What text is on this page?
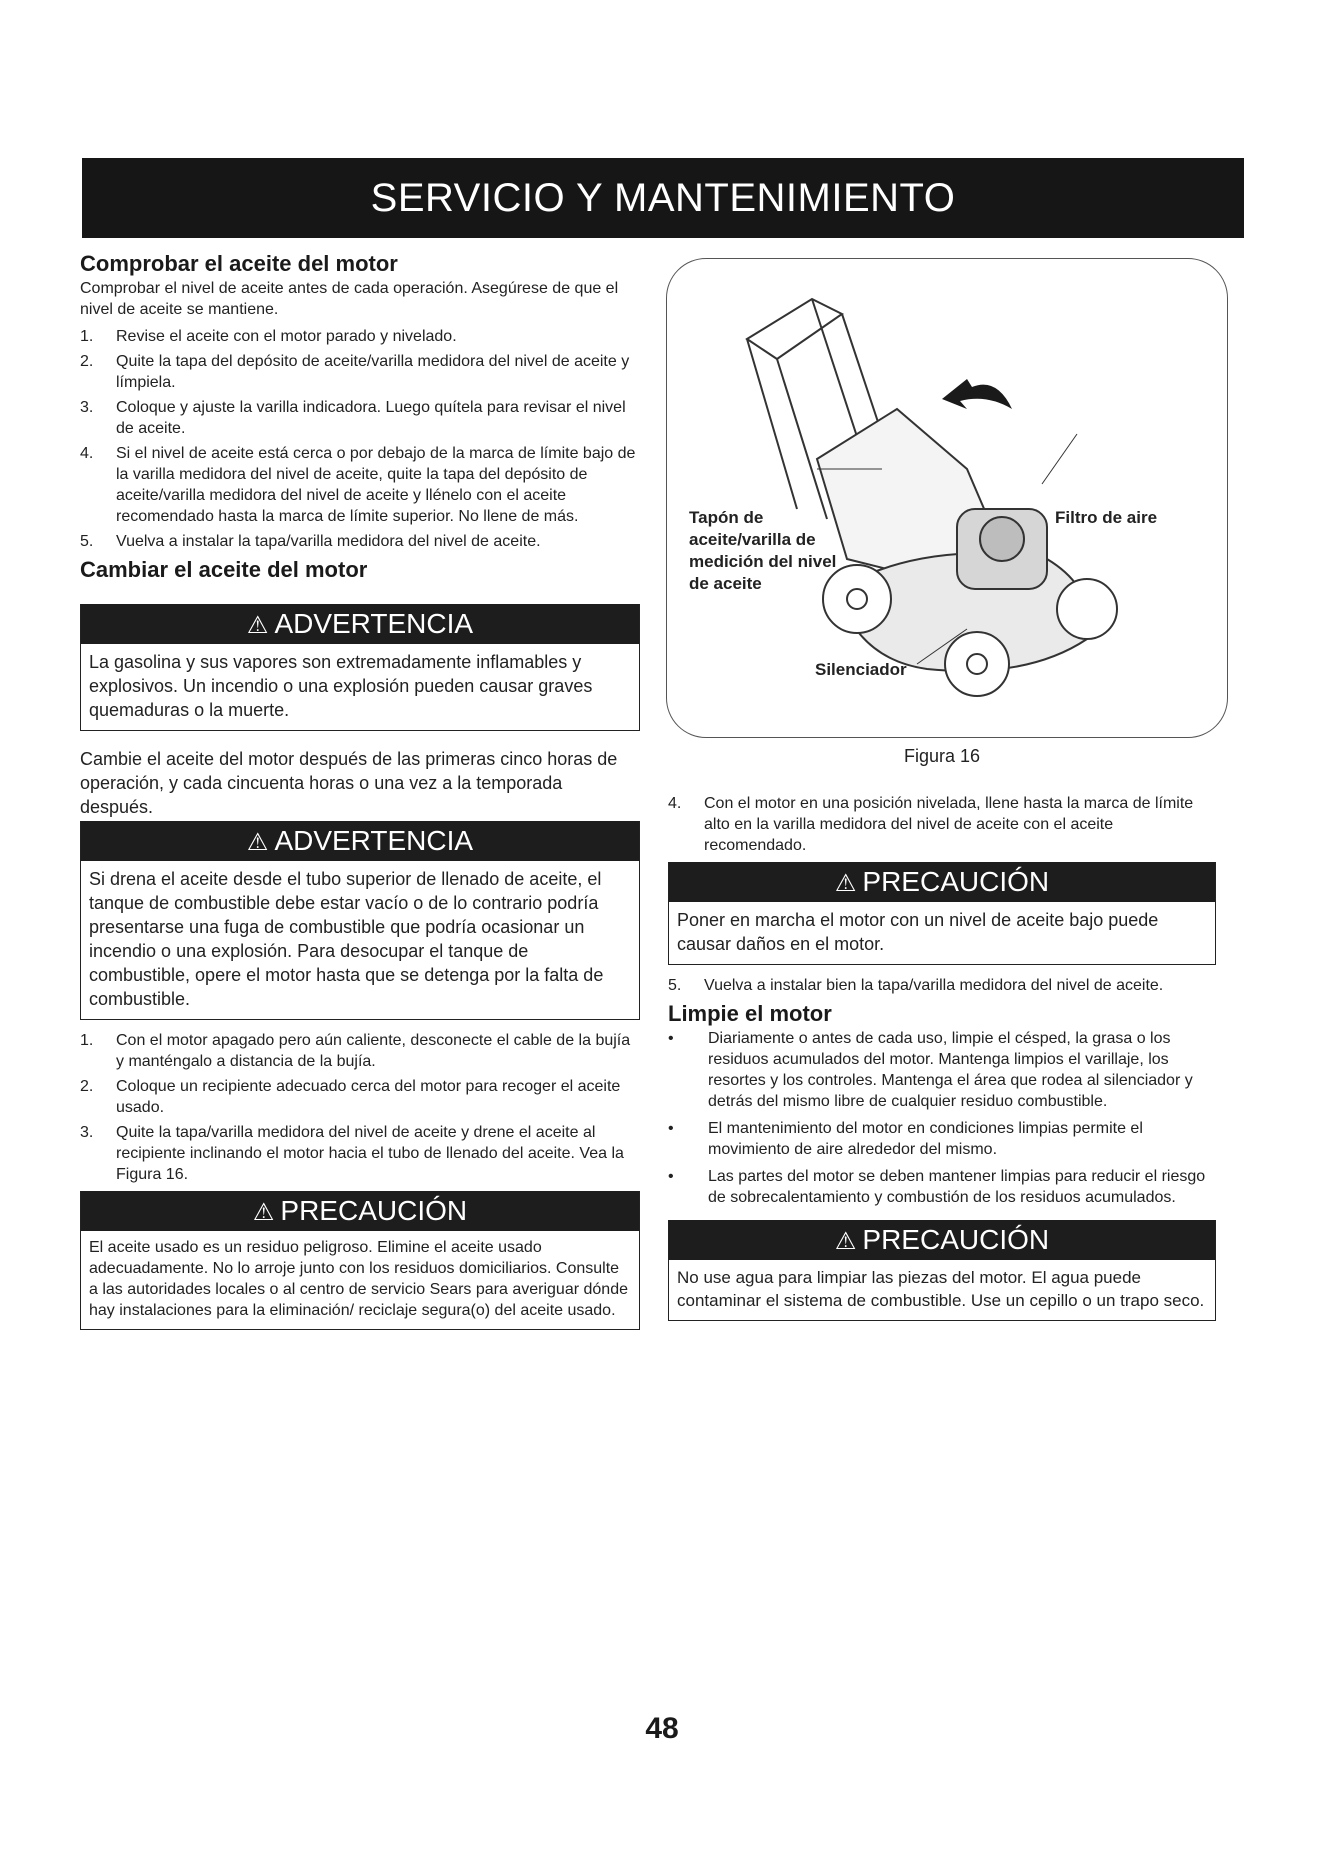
SERVICIO Y MANTENIMIENTO
Comprobar el aceite del motor

Comprobar el nivel de aceite antes de cada operación. Asegúrese de que el nivel de aceite se mantiene.

1. Revise el aceite con el motor parado y nivelado.
2. Quite la tapa del depósito de aceite/varilla medidora del nivel de aceite y límpiela.
3. Coloque y ajuste la varilla indicadora. Luego quítela para revisar el nivel de aceite.
4. Si el nivel de aceite está cerca o por debajo de la marca de límite bajo de la varilla medidora del nivel de aceite, quite la tapa del depósito de aceite/varilla medidora del nivel de aceite y llénelo con el aceite recomendado hasta la marca de límite superior. No llene de más.
5. Vuelva a instalar la tapa/varilla medidora del nivel de aceite.
Cambiar el aceite del motor
⚠ ADVERTENCIA
La gasolina y sus vapores son extremadamente inflamables y explosivos. Un incendio o una explosión pueden causar graves quemaduras o la muerte.

Cambie el aceite del motor después de las primeras cinco horas de operación, y cada cincuenta horas o una vez a la temporada después.

⚠ ADVERTENCIA
Si drena el aceite desde el tubo superior de llenado de aceite, el tanque de combustible debe estar vacío o de lo contrario podría presentarse una fuga de combustible que podría ocasionar un incendio o una explosión. Para desocupar el tanque de combustible, opere el motor hasta que se detenga por la falta de combustible.
1. Con el motor apagado pero aún caliente, desconecte el cable de la bujía y manténgalo a distancia de la bujía.
2. Coloque un recipiente adecuado cerca del motor para recoger el aceite usado.
3. Quite la tapa/varilla medidora del nivel de aceite y drene el aceite al recipiente inclinando el motor hacia el tubo de llenado del aceite. Vea la Figura 16.
⚠ PRECAUCIÓN
El aceite usado es un residuo peligroso. Elimine el aceite usado adecuadamente. No lo arroje junto con los residuos domiciliarios. Consulte a las autoridades locales o al centro de servicio Sears para averiguar dónde hay instalaciones para la eliminación/ reciclaje segura(o) del aceite usado.
Tapón de
aceite/varilla de
medición del nivel
de aceite
Filtro de aire
Silenciador
Figura 16
4. Con el motor en una posición nivelada, llene hasta la marca de límite alto en la varilla medidora del nivel de aceite con el aceite recomendado.
⚠ PRECAUCIÓN
Poner en marcha el motor con un nivel de aceite bajo puede causar daños en el motor.
5. Vuelva a instalar bien la tapa/varilla medidora del nivel de aceite.
Limpie el motor
• Diariamente o antes de cada uso, limpie el césped, la grasa o los residuos acumulados del motor. Mantenga limpios el varillaje, los resortes y los controles. Mantenga el área que rodea al silenciador y detrás del mismo libre de cualquier residuo combustible.
• El mantenimiento del motor en condiciones limpias permite el movimiento de aire alrededor del mismo.
• Las partes del motor se deben mantener limpias para reducir el riesgo de sobrecalentamiento y combustión de los residuos acumulados.
⚠ PRECAUCIÓN
No use agua para limpiar las piezas del motor. El agua puede contaminar el sistema de combustible. Use un cepillo o un trapo seco.
48
